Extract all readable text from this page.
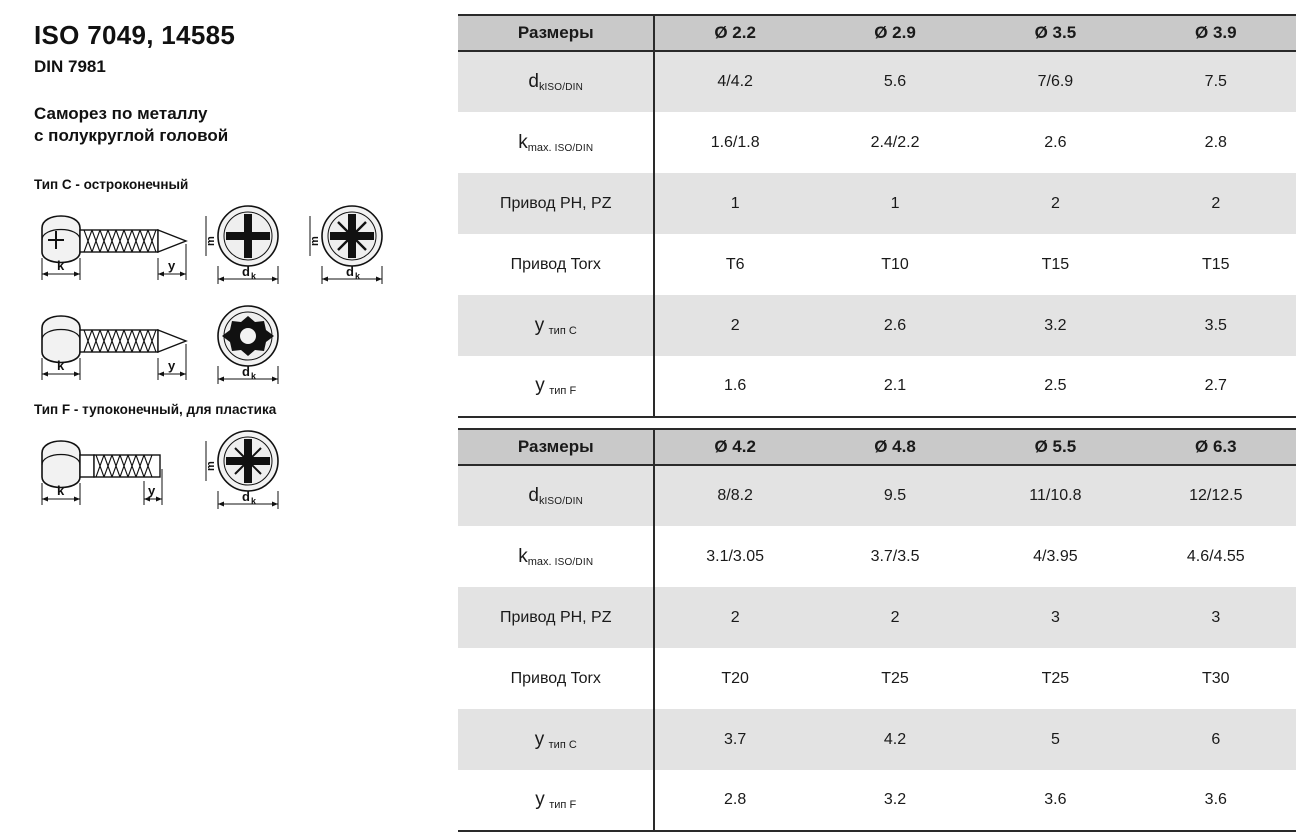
ISO 7049, 14585
DIN 7981
Саморез по металлу
с полукруглой головой
Тип С - остроконечный
k	y	d k
m
d k
m
k	y	d k
Тип F - тупоконечный, для пластика
k	y	d k
m
Размеры	Ø 2.2	Ø 2.9	Ø 3.5	Ø 3.9
dkISO/DIN	4/4.2	5.6	7/6.9	7.5
kmax. ISO/DIN	1.6/1.8	2.4/2.2	2.6	2.8
Привод PH, PZ	1	1	2	2
Привод Torx	T6	T10	T15	T15
y тип С	2	2.6	3.2	3.5
y тип F	1.6	2.1	2.5	2.7
Размеры	Ø 4.2	Ø 4.8	Ø 5.5	Ø 6.3
dkISO/DIN	8/8.2	9.5	11/10.8	12/12.5
kmax. ISO/DIN	3.1/3.05	3.7/3.5	4/3.95	4.6/4.55
Привод PH, PZ	2	2	3	3
Привод Torx	T20	T25	T25	T30
y тип С	3.7	4.2	5	6
y тип F	2.8	3.2	3.6	3.6
